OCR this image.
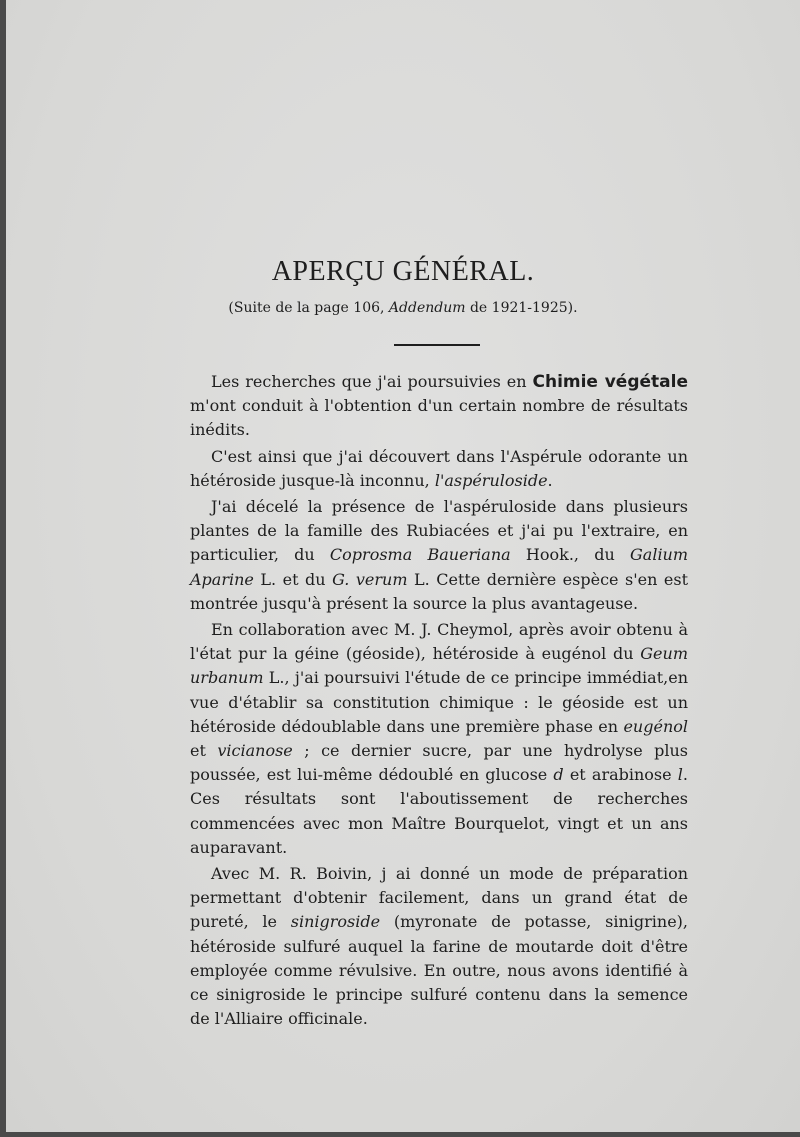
APERÇU GÉNÉRAL.
(Suite de la page 106, Addendum de 1921-1925).

Les recherches que j'ai poursuivies en Chimie végétale m'ont conduit à l'obtention d'un certain nombre de résultats inédits.

C'est ainsi que j'ai découvert dans l'Aspérule odorante un hétéroside jusque-là inconnu, l'aspéruloside.

J'ai décelé la présence de l'aspéruloside dans plusieurs plantes de la famille des Rubiacées et j'ai pu l'extraire, en particulier, du Coprosma Baueriana Hook., du Galium Aparine L. et du G. verum L. Cette dernière espèce s'en est montrée jusqu'à présent la source la plus avantageuse.

En collaboration avec M. J. Cheymol, après avoir obtenu à l'état pur la géine (géoside), hétéroside à eugénol du Geum urbanum L., j'ai poursuivi l'étude de ce principe immédiat,en vue d'établir sa constitution chimique : le géoside est un hétéroside dédoublable dans une première phase en eugénol et vicianose ; ce dernier sucre, par une hydrolyse plus poussée, est lui-même dédoublé en glucose d et arabinose l. Ces résultats sont l'aboutissement de recherches commencées avec mon Maître Bourquelot, vingt et un ans auparavant.

Avec M. R. Boivin, j ai donné un mode de préparation permettant d'obtenir facilement, dans un grand état de pureté, le sinigroside (myronate de potasse, sinigrine), hétéroside sulfuré auquel la farine de moutarde doit d'être employée comme révulsive. En outre, nous avons identifié à ce sinigroside le principe sulfuré contenu dans la semence de l'Alliaire officinale.
